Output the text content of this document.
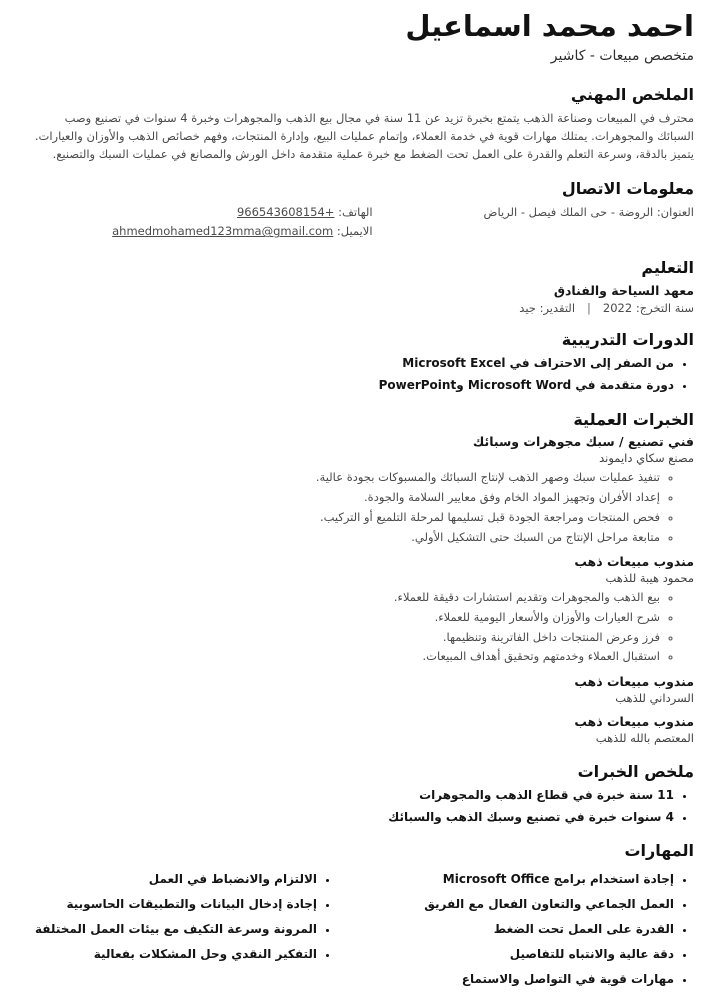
احمد محمد اسماعيل
متخصص مبيعات - كاشير
الملخص المهني

محترف في المبيعات وصناعة الذهب يتمتع بخبرة تزيد عن 11 سنة في مجال بيع الذهب والمجوهرات وخبرة 4 سنوات في تصنيع وصب السبائك والمجوهرات. يمتلك مهارات قوية في خدمة العملاء، وإتمام عمليات البيع، وإدارة المنتجات، وفهم خصائص الذهب والأوزان والعيارات. يتميز بالدقة، وسرعة التعلم والقدرة على العمل تحت الضغط مع خبرة عملية متقدمة داخل الورش والمصانع في عمليات السبك والتصنيع.

معلومات الاتصال
العنوان: الروضة - حى الملك فيصل - الرياض
الهاتف: +966543608154
الايميل: ahmedmohamed123mma@gmail.com
التعليم
معهد السياحة والفنادق
سنة التخرج: 2022|التقدير: جيد
الدورات التدريبية
• من الصفر إلى الاحتراف في Microsoft Excel
• دورة متقدمة في Microsoft Word وPowerPoint
الخبرات العملية
فني تصنيع / سبك مجوهرات وسبائك
مصنع سكاي دايموند
◦ تنفيذ عمليات سبك وصهر الذهب لإنتاج السبائك والمسبوكات بجودة عالية.
◦ إعداد الأفران وتجهيز المواد الخام وفق معايير السلامة والجودة.
◦ فحص المنتجات ومراجعة الجودة قبل تسليمها لمرحلة التلميع أو التركيب.
◦ متابعة مراحل الإنتاج من السبك حتى التشكيل الأولي.
مندوب مبيعات ذهب
محمود هيبة للذهب
◦ بيع الذهب والمجوهرات وتقديم استشارات دقيقة للعملاء.
◦ شرح العيارات والأوزان والأسعار اليومية للعملاء.
◦ فرز وعرض المنتجات داخل الفاترينة وتنظيمها.
◦ استقبال العملاء وخدمتهم وتحقيق أهداف المبيعات.
مندوب مبيعات ذهب
السرداني للذهب
مندوب مبيعات ذهب
المعتصم بالله للذهب
ملخص الخبرات
• 11 سنة خبرة في قطاع الذهب والمجوهرات
• 4 سنوات خبرة في تصنيع وسبك الذهب والسبائك
المهارات
• إجادة استخدام برامج Microsoft Office
• العمل الجماعي والتعاون الفعال مع الفريق
• القدرة على العمل تحت الضغط
• دقة عالية والانتباه للتفاصيل
• مهارات قوية في التواصل والاستماع
• الالتزام والانضباط في العمل
• إجادة إدخال البيانات والتطبيقات الحاسوبية
• المرونة وسرعة التكيف مع بيئات العمل المختلفة
• التفكير النقدي وحل المشكلات بفعالية
